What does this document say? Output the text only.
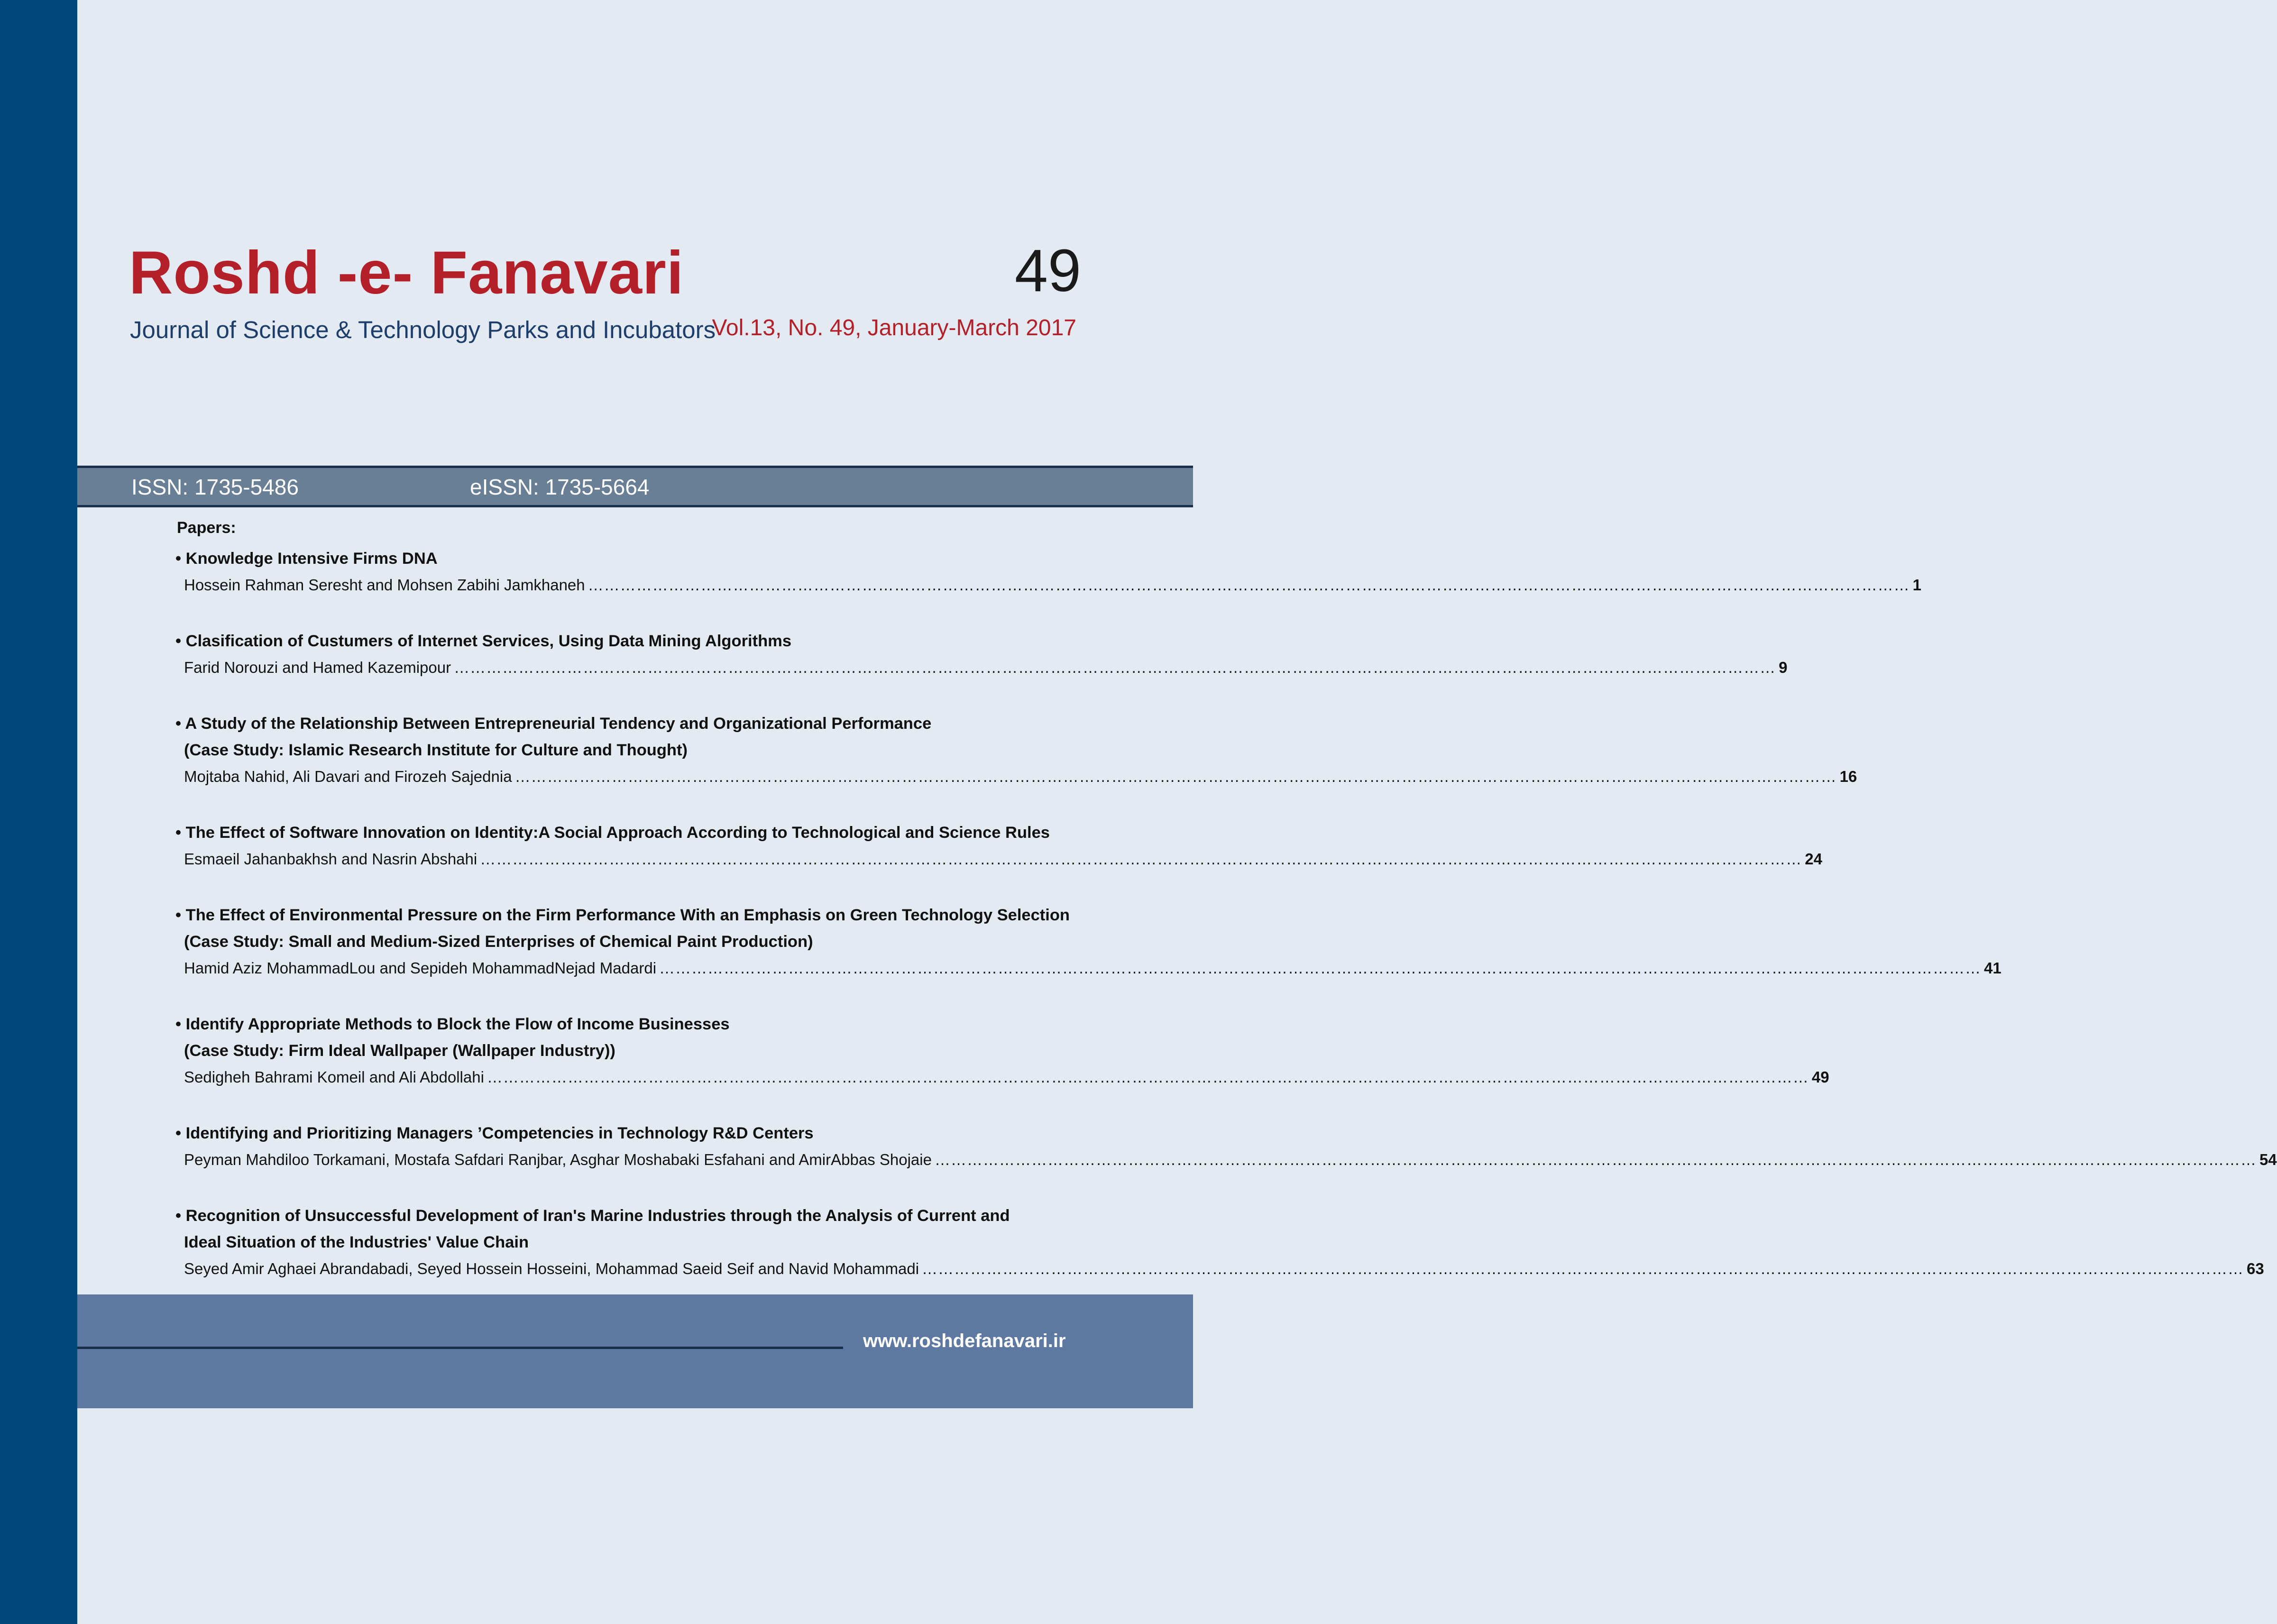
Roshd -e- Fanavari
Journal of Science & Technology Parks and Incubators
49
Vol.13, No. 49, January-March 2017
ISSN: 1735-5486	eISSN: 1735-5664
Papers:
• Knowledge Intensive Firms DNA
Hossein Rahman Seresht and Mohsen Zabihi Jamkhaneh ………………………………………………………………………………………………………………………………………………………………………………………………………………………… 1
• Clasification of Custumers of Internet Services, Using Data Mining Algorithms
Farid Norouzi and Hamed Kazemipour ………………………………………………………………………………………………………………………………………………………………………………………………………………………… 9
• A Study of the Relationship Between Entrepreneurial Tendency and Organizational Performance
(Case Study: Islamic Research Institute for Culture and Thought)
Mojtaba Nahid, Ali Davari and Firozeh Sajednia ………………………………………………………………………………………………………………………………………………………………………………………………………………………… 16
• The Effect of Software Innovation on Identity:A Social Approach According to Technological and Science Rules
Esmaeil Jahanbakhsh and Nasrin Abshahi ………………………………………………………………………………………………………………………………………………………………………………………………………………………… 24
• The Effect of Environmental Pressure on the Firm Performance With an Emphasis on Green Technology Selection
(Case Study: Small and Medium-Sized Enterprises of Chemical Paint Production)
Hamid Aziz MohammadLou and Sepideh MohammadNejad Madardi ………………………………………………………………………………………………………………………………………………………………………………………………………………………… 41
• Identify Appropriate Methods to Block the Flow of Income Businesses
(Case Study: Firm Ideal Wallpaper (Wallpaper Industry))
Sedigheh Bahrami Komeil and Ali Abdollahi ………………………………………………………………………………………………………………………………………………………………………………………………………………………… 49
• Identifying and Prioritizing Managers ’Competencies in Technology R&D Centers
Peyman Mahdiloo Torkamani, Mostafa Safdari Ranjbar, Asghar Moshabaki Esfahani and AmirAbbas Shojaie ………………………………………………………………………………………………………………………………………………………………………………………………………………………… 54
• Recognition of Unsuccessful Development of Iran's Marine Industries through the Analysis of Current and
Ideal Situation of the Industries' Value Chain
Seyed Amir Aghaei Abrandabadi, Seyed Hossein Hosseini, Mohammad Saeid Seif and Navid Mohammadi ………………………………………………………………………………………………………………………………………………………………………………………………………………………… 63
www.roshdefanavari.ir
